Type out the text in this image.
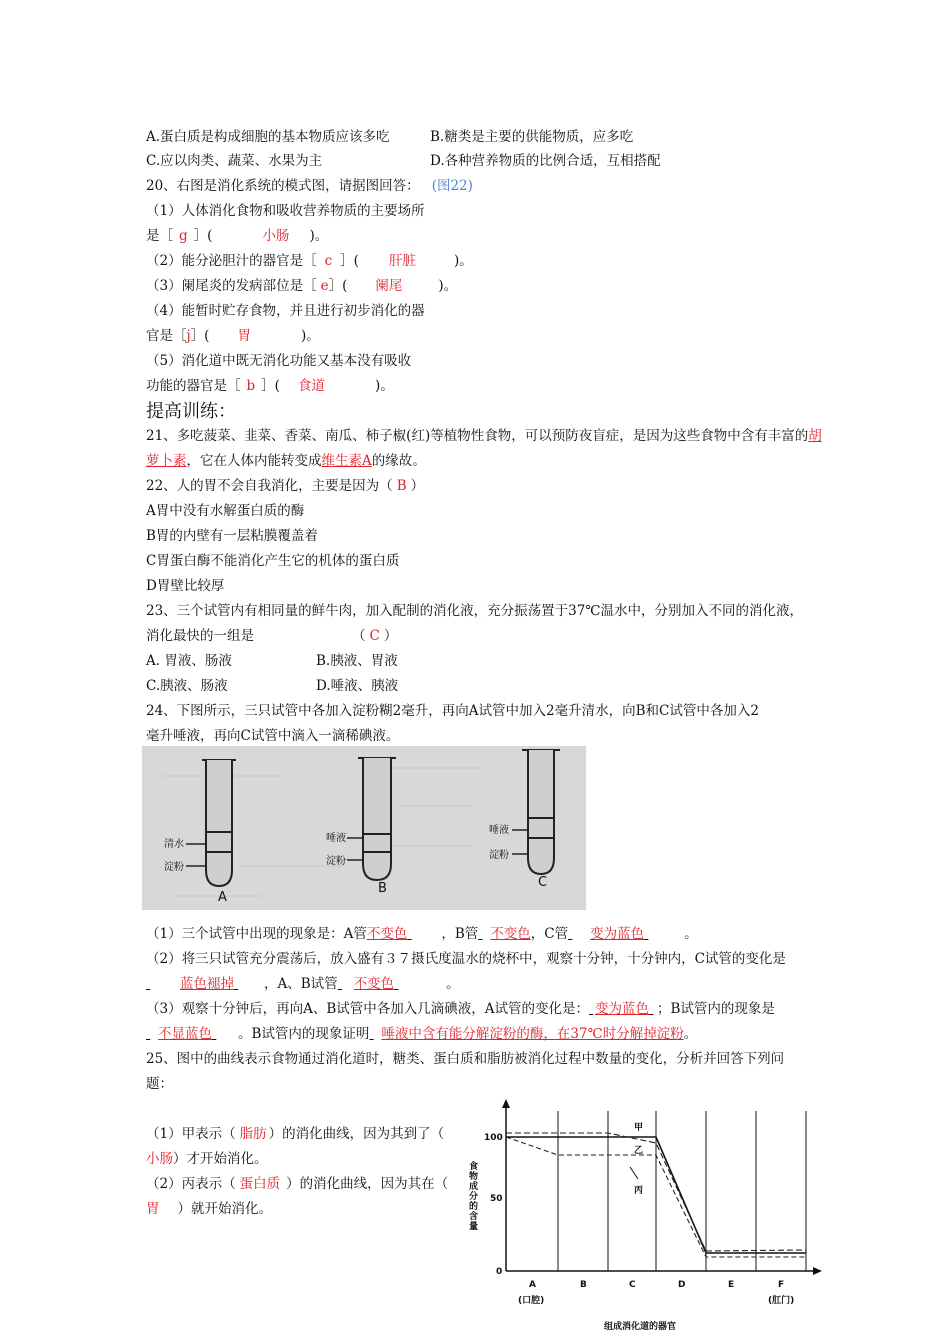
A.蛋白质是构成细胞的基本物质应该多吃	B.糖类是主要的供能物质，应多吃
C.应以肉类、蔬菜、水果为主	D.各种营养物质的比例合适，互相搭配
20、右图是消化系统的模式图，请据图回答： (图22)
（1）人体消化食物和吸收营养物质的主要场所
是［ g ］(	小肠 )。
（2）能分泌胆汁的器官是［ c ］( 肝脏	)。
（3）阑尾炎的发病部位是［ e］( 阑尾	)。
（4）能暂时贮存食物，并且进行初步消化的器
官是［j］( 胃	)。
（5）消化道中既无消化功能又基本没有吸收
功能的器官是［ b ］( 食道	)。
提高训练：
21、多吃菠菜、韭菜、香菜、南瓜、柿子椒(红)等植物性食物，可以预防夜盲症，是因为这些食物中含有丰富的胡
萝卜素，它在人体内能转变成维生素A的缘故。
22、人的胃不会自我消化，主要是因为（ B ）
A胃中没有水解蛋白质的酶
B胃的内壁有一层粘膜覆盖着
C胃蛋白酶不能消化产生它的机体的蛋白质
D胃壁比较厚
23、三个试管内有相同量的鲜牛肉，加入配制的消化液，充分振荡置于37℃温水中，分别加入不同的消化液，
消化最快的一组是	（ C ）
A. 胃液、肠液	B.胰液、胃液
C.胰液、肠液	D.唾液、胰液
24、下图所示，三只试管中各加入淀粉糊2毫升，再向A试管中加入2毫升清水，向B和C试管中各加入2
毫升唾液，再向C试管中滴入一滴稀碘液。
清水
淀粉
唾液
淀粉
唾液
淀粉
A
B	C
（1）三个试管中出现的现象是：A管不变色	，B管 不变色，C管 变为蓝色	。
（2）将三只试管充分震荡后，放入盛有３７摄氏度温水的烧杯中，观察十分钟，十分钟内，C试管的变化是
蓝色褪掉 ，A、B试管 不变色	。
（3）观察十分钟后，再向A、B试管中各加入几滴碘液，A试管的变化是： 变为蓝色 ；B试管内的现象是
不显蓝色 。B试管内的现象证明 唾液中含有能分解淀粉的酶，在37℃时分解掉淀粉。
25、图中的曲线表示食物通过消化道时，糖类、蛋白质和脂肪被消化过程中数量的变化，分析并回答下列问
题：
（1）甲表示（ 脂肪 ）的消化曲线，因为其到了（
小肠）才开始消化。
（2）丙表示（ 蛋白质 ）的消化曲线，因为其在（
胃 ）就开始消化。
100
50
0
食物成分的含量
甲
乙
丙
A	B	C	D	E	F
(口腔)	(肛门)
组成消化道的器官
